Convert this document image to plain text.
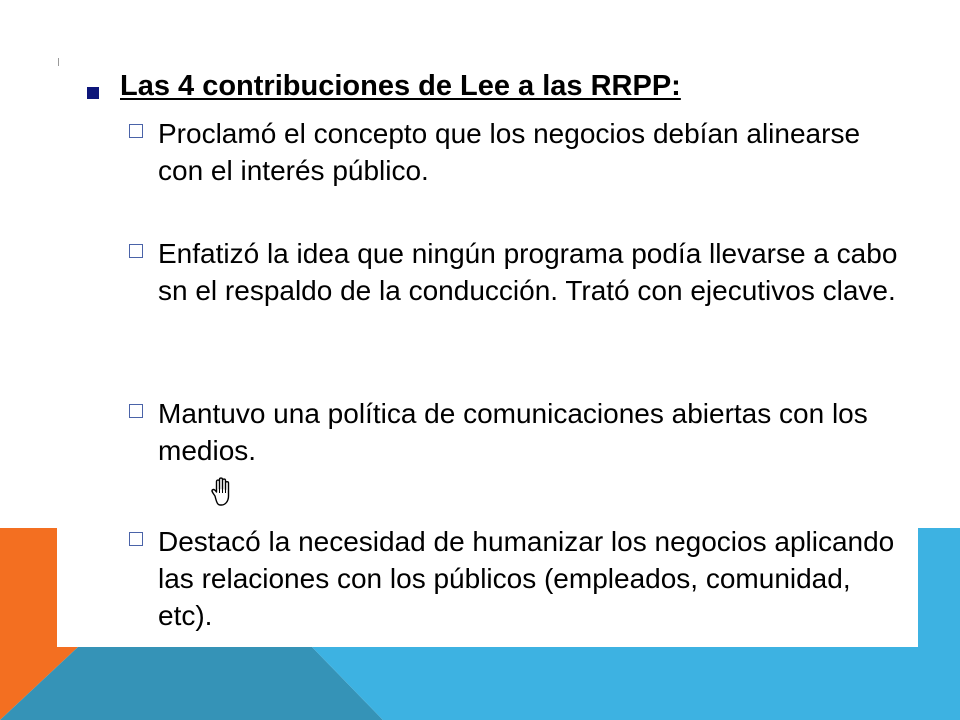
Las 4 contribuciones de Lee a las RRPP:
Proclamó el concepto que los negocios debían alinearse con el interés público.
Enfatizó la idea que ningún programa podía llevarse a cabo sn el respaldo de la conducción. Trató con ejecutivos clave.
Mantuvo una política de comunicaciones abiertas con los medios.
Destacó la necesidad de humanizar los negocios aplicando las relaciones con los públicos (empleados, comunidad, etc).
